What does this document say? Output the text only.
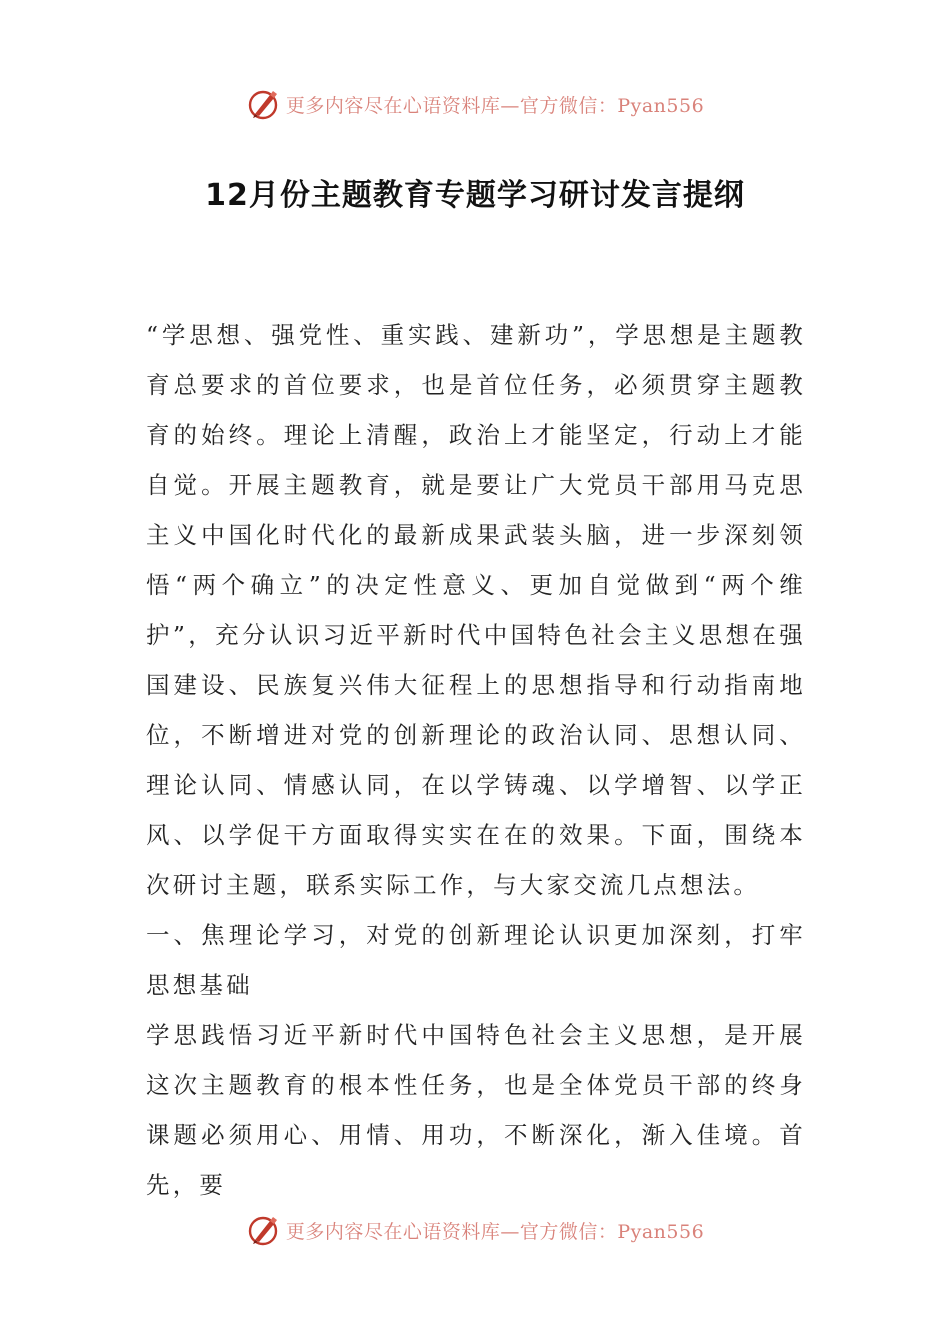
更多内容尽在心语资料库—官方微信：Pyan556
12月份主题教育专题学习研讨发言提纲

“学思想、强党性、重实践、建新功”，学思想是主题教育总要求的首位要求，也是首位任务，必须贯穿主题教育的始终。理论上清醒，政治上才能坚定，行动上才能自觉。开展主题教育，就是要让广大党员干部用马克思主义中国化时代化的最新成果武装头脑，进一步深刻领悟“两个确立”的决定性意义、更加自觉做到“两个维护”，充分认识习近平新时代中国特色社会主义思想在强国建设、民族复兴伟大征程上的思想指导和行动指南地位，不断增进对党的创新理论的政治认同、思想认同、理论认同、情感认同，在以学铸魂、以学增智、以学正风、以学促干方面取得实实在在的效果。下面，围绕本次研讨主题，联系实际工作，与大家交流几点想法。

一、焦理论学习，对党的创新理论认识更加深刻，打牢思想基础

学思践悟习近平新时代中国特色社会主义思想，是开展这次主题教育的根本性任务，也是全体党员干部的终身课题必须用心、用情、用功，不断深化，渐入佳境。首先，要

更多内容尽在心语资料库—官方微信：Pyan556
